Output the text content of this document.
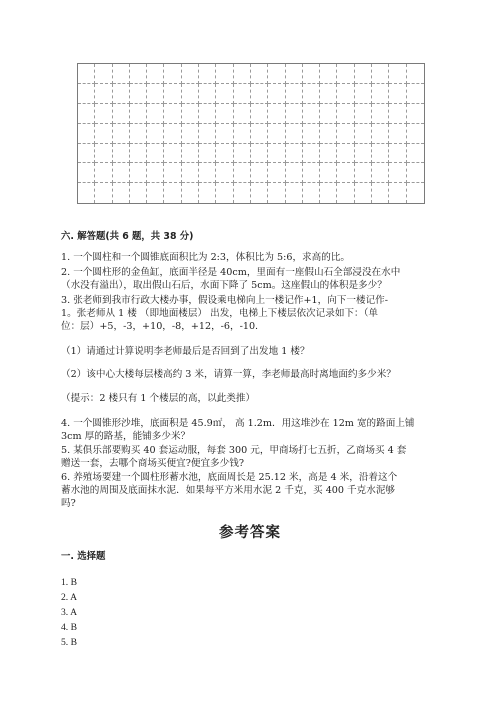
六. 解答题(共 6 题，共 38 分)
1. 一个圆柱和一个圆锥底面积比为 2:3，体积比为 5:6，求高的比。
2. 一个圆柱形的金鱼缸，底面半径是 40cm，里面有一座假山石全部浸没在水中
（水没有溢出），取出假山石后，水面下降了 5cm。这座假山的体积是多少？
3. 张老师到我市行政大楼办事，假设乘电梯向上一楼记作+1，向下一楼记作-
1。张老师从 1 楼 （即地面楼层） 出发，电梯上下楼层依次记录如下：（单
位：层）+5，-3，+10，-8，+12，-6，-10.
（1）请通过计算说明李老师最后是否回到了出发地 1 楼？
（2）该中心大楼每层楼高约 3 米，请算一算，李老师最高时离地面约多少米？
（提示：2 楼只有 1 个楼层的高，以此类推）
4. 一个圆锥形沙堆，底面积是 45.9㎡， 高 1.2m．用这堆沙在 12m 宽的路面上铺
3cm 厚的路基，能铺多少米？
5. 某俱乐部要购买 40 套运动服，每套 300 元，甲商场打七五折，乙商场买 4 套
赠送一套，去哪个商场买便宜?便宜多少钱?
6. 养殖场要建一个圆柱形蓄水池，底面周长是 25.12 米，高是 4 米，沿着这个
蓄水池的周围及底面抹水泥．如果每平方米用水泥 2 千克，买 400 千克水泥够
吗?
参考答案
一. 选择题
1. B
2. A
3. A
4. B
5. B
